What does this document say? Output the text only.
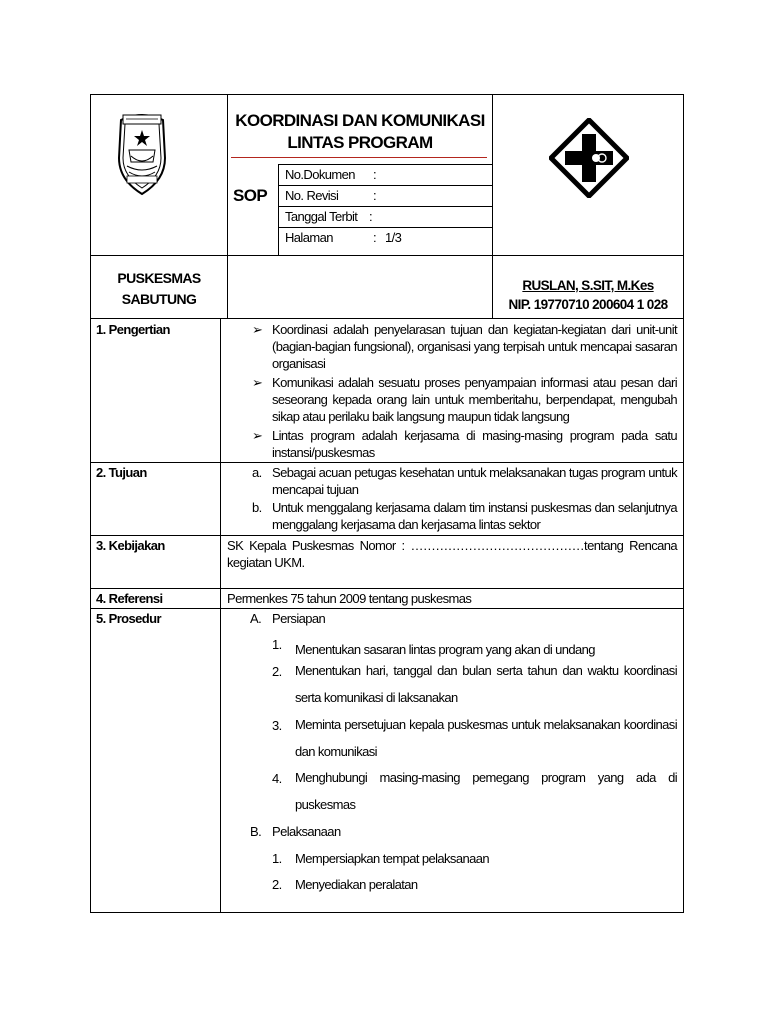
KOORDINASI DAN KOMUNIKASI
LINTAS PROGRAM
SOP
No.Dokumen :
No. Revisi	:
Tanggal Terbit :
Halaman	: 1/3
PUSKESMAS
SABUTUNG
RUSLAN, S.SIT, M.Kes
NIP. 19770710 200604 1 028
1. Pengertian
2. Tujuan
3. Kebijakan
4. Referensi
5. Prosedur
➢ Koordinasi adalah penyelarasan tujuan dan kegiatan-kegiatan dari unit-unit (bagian-bagian fungsional), organisasi yang terpisah untuk mencapai sasaran organisasi
➢ Komunikasi adalah sesuatu proses penyampaian informasi atau pesan dari seseorang kepada orang lain untuk memberitahu, berpendapat, mengubah sikap atau perilaku baik langsung maupun tidak langsung
➢ Lintas program adalah kerjasama di masing-masing program pada satu instansi/puskesmas
a. Sebagai acuan petugas kesehatan untuk melaksanakan tugas program untuk mencapai tujuan
b. Untuk menggalang kerjasama dalam tim instansi puskesmas dan selanjutnya menggalang kerjasama dan kerjasama lintas sektor
SK Kepala Puskesmas Nomor : ……………………………………tentang Rencana kegiatan UKM.
Permenkes 75 tahun 2009 tentang puskesmas
A. Persiapan
1. Menentukan sasaran lintas program yang akan di undang
2. Menentukan hari, tanggal dan bulan serta tahun dan waktu koordinasi serta komunikasi di laksanakan
3. Meminta persetujuan kepala puskesmas untuk melaksanakan koordinasi dan komunikasi
4. Menghubungi masing-masing pemegang program yang ada di puskesmas
B. Pelaksanaan
1. Mempersiapkan tempat pelaksanaan
2. Menyediakan peralatan
